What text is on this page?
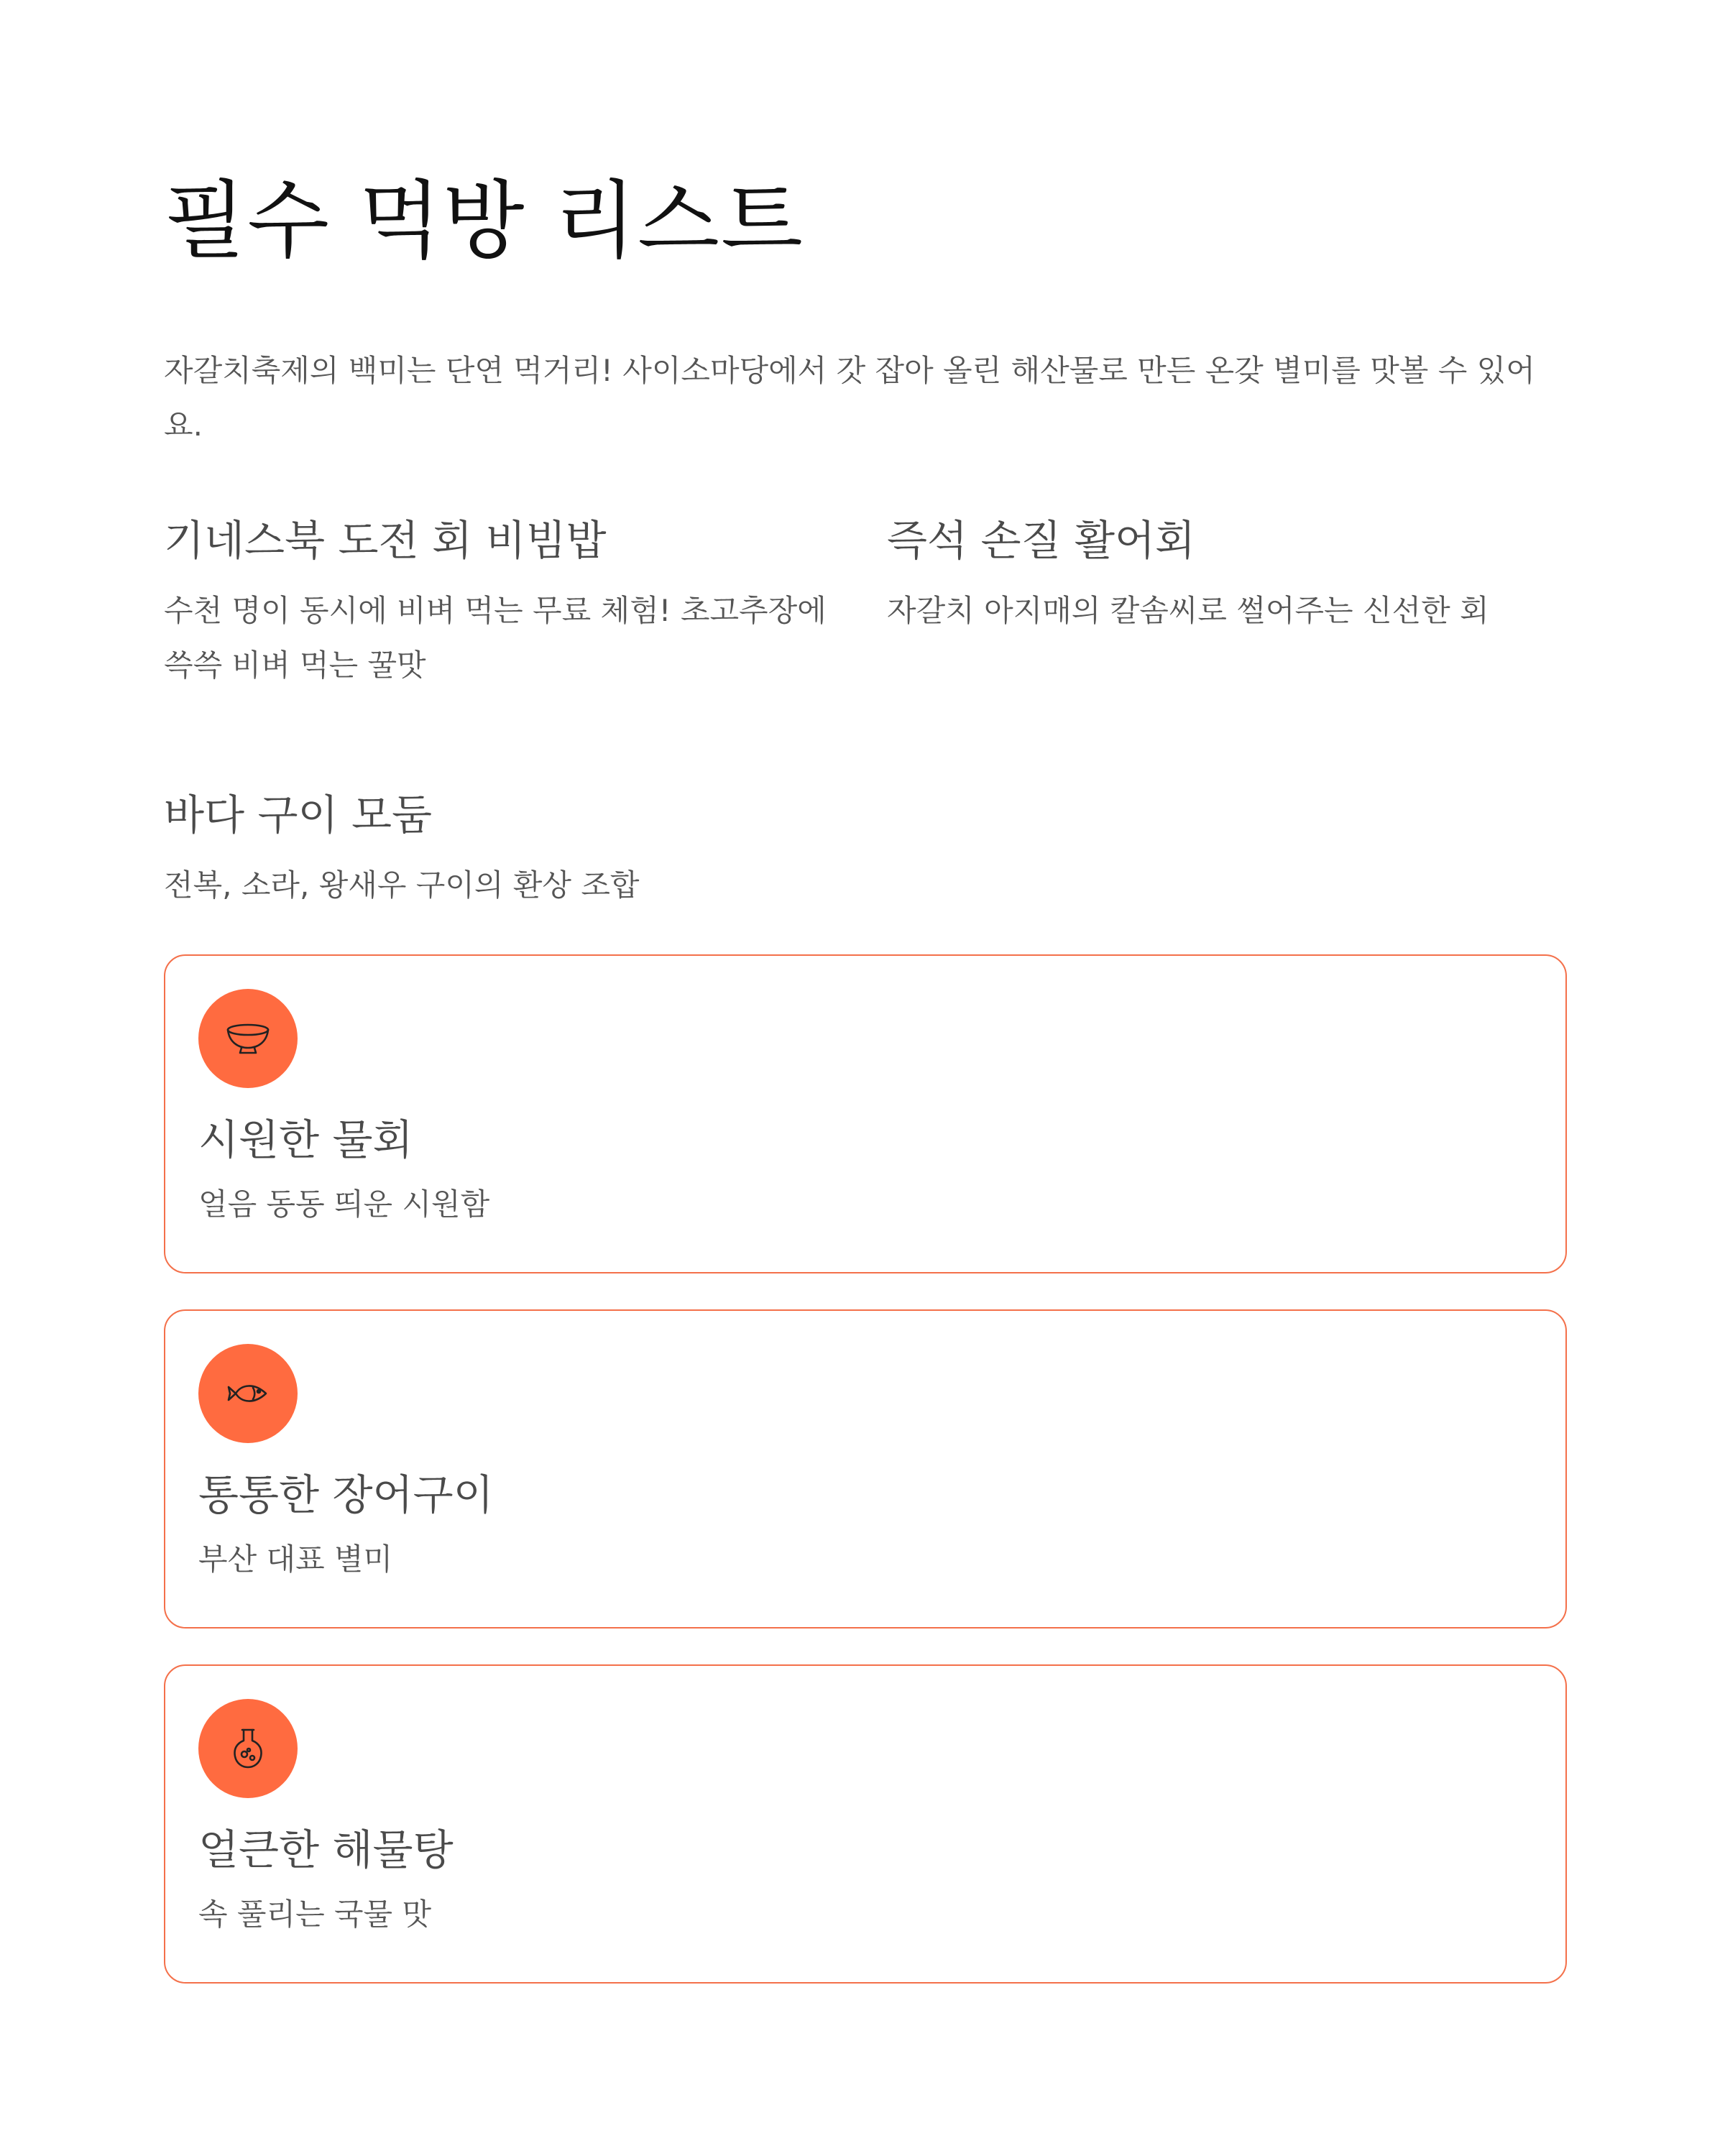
필수 먹방 리스트

자갈치축제의 백미는 단연 먹거리! 사이소마당에서 갓 잡아 올린 해산물로 만든 온갖 별미를 맛볼 수 있어요.

기네스북 도전 회 비빔밥

수천 명이 동시에 비벼 먹는 무료 체험! 초고추장에 쓱쓱 비벼 먹는 꿀맛

즉석 손질 활어회

자갈치 아지매의 칼솜씨로 썰어주는 신선한 회

바다 구이 모둠

전복, 소라, 왕새우 구이의 환상 조합

시원한 물회

얼음 동동 띄운 시원함

통통한 장어구이

부산 대표 별미

얼큰한 해물탕

속 풀리는 국물 맛
